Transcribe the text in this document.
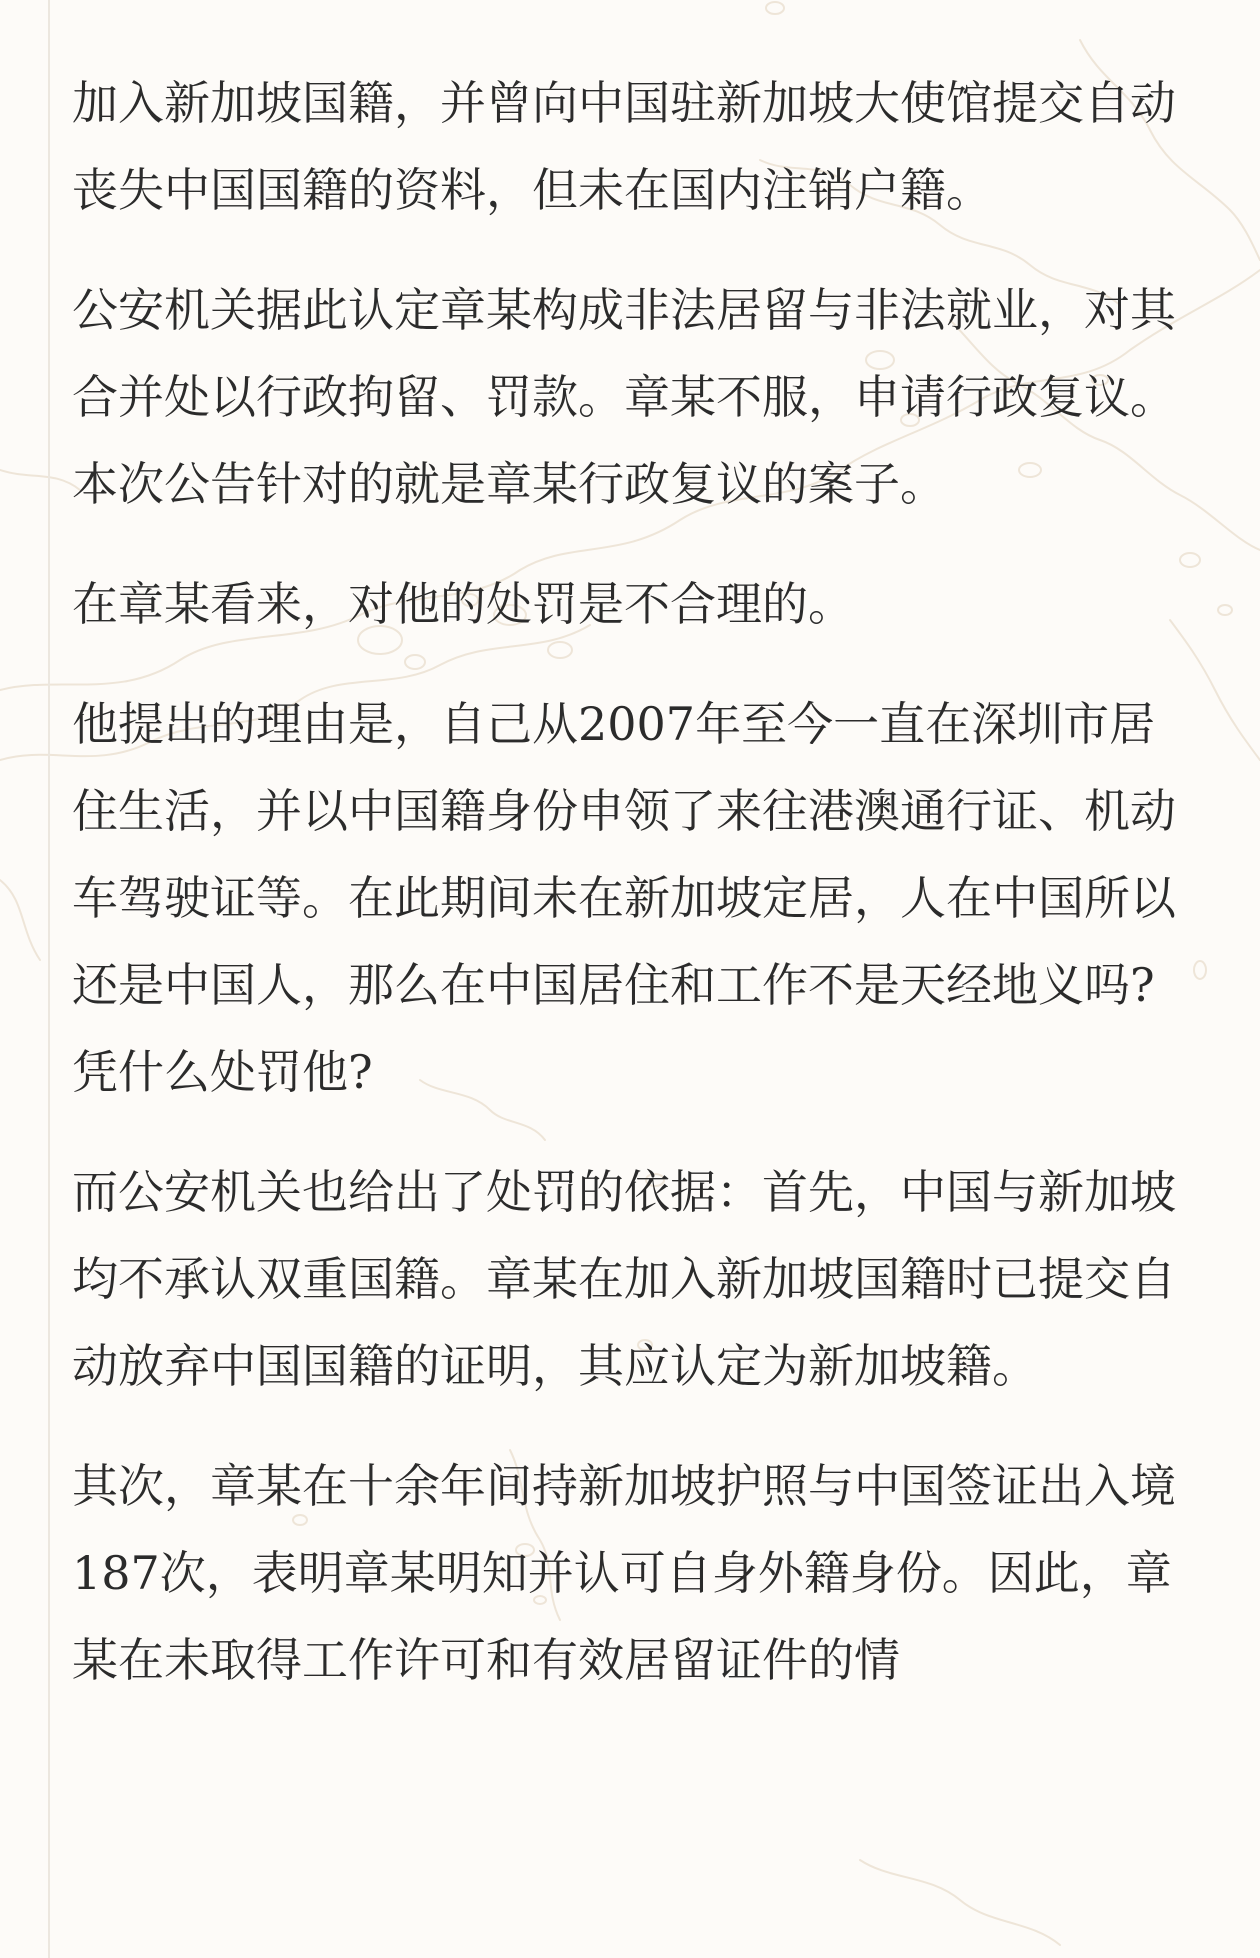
加入新加坡国籍，并曾向中国驻新加坡大使馆提交自动丧失中国国籍的资料，但未在国内注销户籍。

公安机关据此认定章某构成非法居留与非法就业，对其合并处以行政拘留、罚款。章某不服，申请行政复议。本次公告针对的就是章某行政复议的案子。

在章某看来，对他的处罚是不合理的。

他提出的理由是，自己从2007年至今一直在深圳市居住生活，并以中国籍身份申领了来往港澳通行证、机动车驾驶证等。在此期间未在新加坡定居，人在中国所以还是中国人，那么在中国居住和工作不是天经地义吗?凭什么处罚他?

而公安机关也给出了处罚的依据：首先，中国与新加坡均不承认双重国籍。章某在加入新加坡国籍时已提交自动放弃中国国籍的证明，其应认定为新加坡籍。

其次，章某在十余年间持新加坡护照与中国签证出入境187次，表明章某明知并认可自身外籍身份。因此，章某在未取得工作许可和有效居留证件的情
